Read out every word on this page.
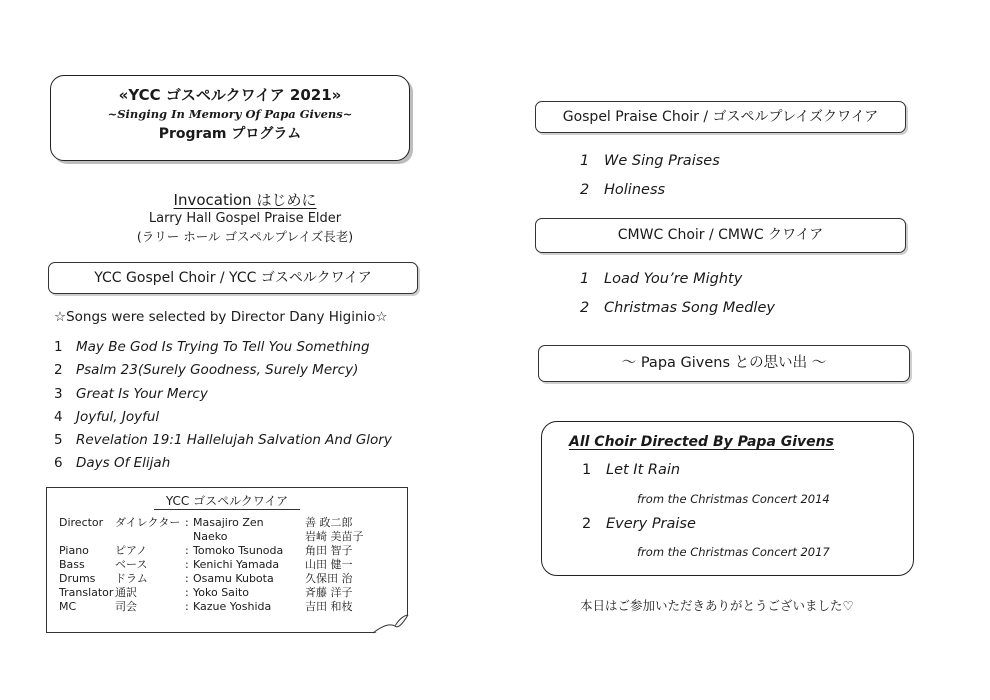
«YCC ゴスペルクワイア 2021»
~Singing In Memory Of Papa Givens~
Program プログラム
Invocation はじめに
Larry Hall Gospel Praise Elder
(ラリー ホール ゴスペルプレイズ長老)
YCC Gospel Choir / YCC ゴスペルクワイア
☆Songs were selected by Director Dany Higinio☆
1 May Be God Is Trying To Tell You Something
2 Psalm 23(Surely Goodness, Surely Mercy)
3 Great Is Your Mercy
4 Joyful, Joyful
5 Revelation 19:1 Hallelujah Salvation And Glory
6 Days Of Elijah
YCC ゴスペルクワイア
Director	ダイレクター	:	Masajiro Zen	善 政二郎
			Naeko	岩崎 美苗子
Piano	ピアノ	:	Tomoko Tsunoda	角田 智子
Bass	ベース	:	Kenichi Yamada	山田 健一
Drums	ドラム	:	Osamu Kubota	久保田 治
Translator	通訳	:	Yoko Saito	斉藤 洋子
MC	司会	:	Kazue Yoshida	吉田 和枝
Gospel Praise Choir / ゴスペルプレイズクワイア
1 We Sing Praises
2 Holiness
CMWC Choir / CMWC クワイア
1 Load You’re Mighty
2 Christmas Song Medley
～ Papa Givens との思い出 ～
All Choir Directed By Papa Givens
1 Let It Rain
from the Christmas Concert 2014
2 Every Praise
from the Christmas Concert 2017
本日はご参加いただきありがとうございました♡
